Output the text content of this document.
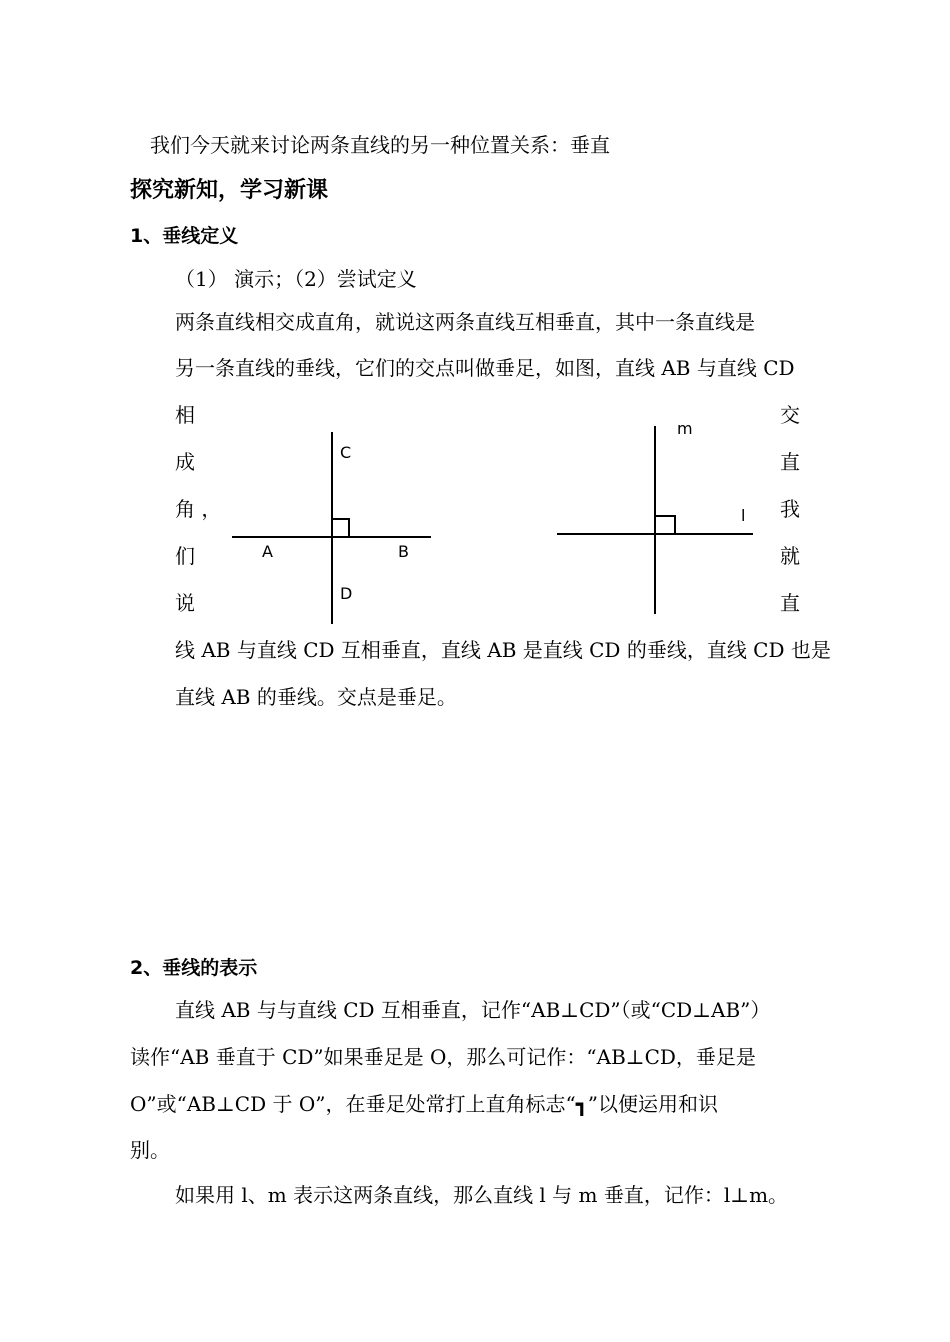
我们今天就来讨论两条直线的另一种位置关系：垂直
探究新知，学习新课
1、垂线定义
（1） 演示；（2）尝试定义
两条直线相交成直角，就说这两条直线互相垂直，其中一条直线是
另一条直线的垂线，它们的交点叫做垂足，如图，直线 AB 与直线 CD
相
成
角 ，
们
说
交
直
我
就
直
C
A	B
D
m
l
线 AB 与直线 CD 互相垂直，直线 AB 是直线 CD 的垂线，直线 CD 也是
直线 AB 的垂线。交点是垂足。
2、垂线的表示
直线 AB 与与直线 CD 互相垂直，记作“AB⊥CD”（或“CD⊥AB”）
读作“AB 垂直于 CD”如果垂足是 O，那么可记作：“AB⊥CD，垂足是
O”或“AB⊥CD 于 O”，在垂足处常打上直角标志“┓”以便运用和识
别。
如果用 l、m 表示这两条直线，那么直线 l 与 m 垂直，记作：l⊥m。
